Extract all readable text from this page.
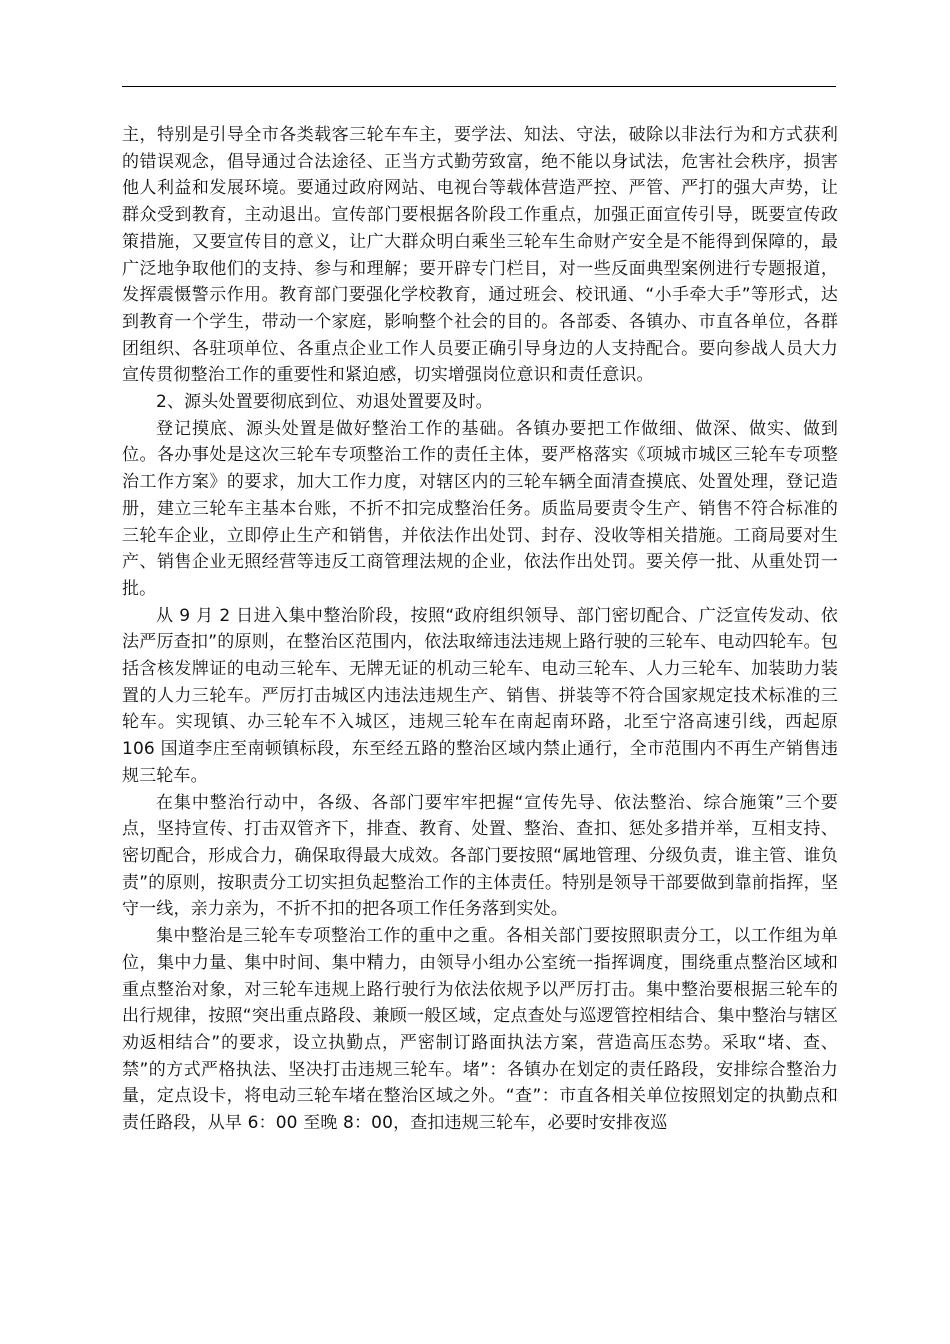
主，特别是引导全市各类载客三轮车车主，要学法、知法、守法，破除以非法行为和方式获利的错误观念，倡导通过合法途径、正当方式勤劳致富，绝不能以身试法，危害社会秩序，损害他人利益和发展环境。要通过政府网站、电视台等载体营造严控、严管、严打的强大声势，让群众受到教育，主动退出。宣传部门要根据各阶段工作重点，加强正面宣传引导，既要宣传政策措施，又要宣传目的意义，让广大群众明白乘坐三轮车生命财产安全是不能得到保障的，最广泛地争取他们的支持、参与和理解；要开辟专门栏目，对一些反面典型案例进行专题报道，发挥震慑警示作用。教育部门要强化学校教育，通过班会、校讯通、“小手牵大手”等形式，达到教育一个学生，带动一个家庭，影响整个社会的目的。各部委、各镇办、市直各单位，各群团组织、各驻项单位、各重点企业工作人员要正确引导身边的人支持配合。要向参战人员大力宣传贯彻整治工作的重要性和紧迫感，切实增强岗位意识和责任意识。

2、源头处置要彻底到位、劝退处置要及时。

登记摸底、源头处置是做好整治工作的基础。各镇办要把工作做细、做深、做实、做到位。各办事处是这次三轮车专项整治工作的责任主体，要严格落实《项城市城区三轮车专项整治工作方案》的要求，加大工作力度，对辖区内的三轮车辆全面清查摸底、处置处理，登记造册，建立三轮车主基本台账，不折不扣完成整治任务。质监局要责令生产、销售不符合标准的三轮车企业，立即停止生产和销售，并依法作出处罚、封存、没收等相关措施。工商局要对生产、销售企业无照经营等违反工商管理法规的企业，依法作出处罚。要关停一批、从重处罚一批。

从 9 月 2 日进入集中整治阶段，按照“政府组织领导、部门密切配合、广泛宣传发动、依法严厉查扣”的原则，在整治区范围内，依法取缔违法违规上路行驶的三轮车、电动四轮车。包括含核发牌证的电动三轮车、无牌无证的机动三轮车、电动三轮车、人力三轮车、加装助力装置的人力三轮车。严厉打击城区内违法违规生产、销售、拼装等不符合国家规定技术标准的三轮车。实现镇、办三轮车不入城区，违规三轮车在南起南环路，北至宁洛高速引线，西起原 106 国道李庄至南顿镇标段，东至经五路的整治区域内禁止通行，全市范围内不再生产销售违规三轮车。

在集中整治行动中，各级、各部门要牢牢把握“宣传先导、依法整治、综合施策”三个要点，坚持宣传、打击双管齐下，排查、教育、处置、整治、查扣、惩处多措并举，互相支持、密切配合，形成合力，确保取得最大成效。各部门要按照“属地管理、分级负责，谁主管、谁负责”的原则，按职责分工切实担负起整治工作的主体责任。特别是领导干部要做到靠前指挥，坚守一线，亲力亲为，不折不扣的把各项工作任务落到实处。

集中整治是三轮车专项整治工作的重中之重。各相关部门要按照职责分工，以工作组为单位，集中力量、集中时间、集中精力，由领导小组办公室统一指挥调度，围绕重点整治区域和重点整治对象，对三轮车违规上路行驶行为依法依规予以严厉打击。集中整治要根据三轮车的出行规律，按照“突出重点路段、兼顾一般区域，定点查处与巡逻管控相结合、集中整治与辖区劝返相结合”的要求，设立执勤点，严密制订路面执法方案，营造高压态势。采取“堵、查、禁”的方式严格执法、坚决打击违规三轮车。堵”：各镇办在划定的责任路段，安排综合整治力量，定点设卡，将电动三轮车堵在整治区域之外。“查”：市直各相关单位按照划定的执勤点和责任路段，从早 6：00 至晚 8：00，查扣违规三轮车，必要时安排夜巡
